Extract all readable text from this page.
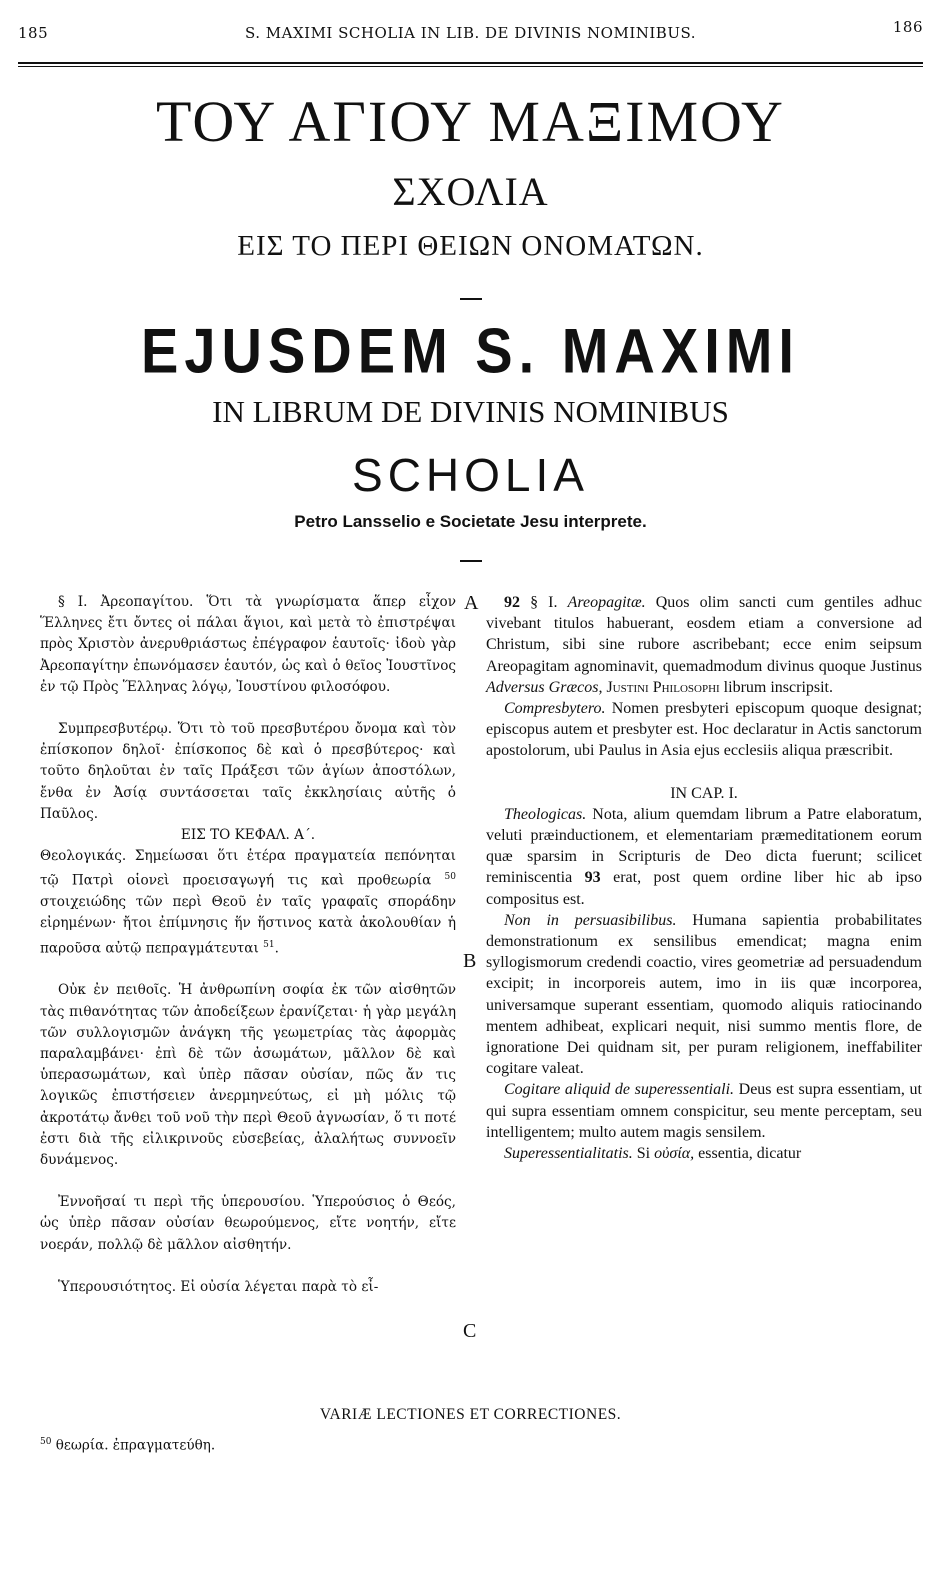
185	S. MAXIMI SCHOLIA IN LIB. DE DIVINIS NOMINIBUS.	186
ΤΟΥ ΑΓΙΟΥ ΜΑΞΙΜΟΥ
ΣΧΟΛΙΑ
ΕΙΣ ΤΟ ΠΕΡΙ ΘΕΙΩΝ ΟΝΟΜΑΤΩΝ.
EJUSDEM S. MAXIMI
IN LIBRUM DE DIVINIS NOMINIBUS
SCHOLIA
Petro Lansselio e Societate Jesu interprete.
A
B
C

§ I. Ἀρεοπαγίτου. Ὅτι τὰ γνωρίσματα ἅπερ εἶχον Ἕλληνες ἔτι ὄντες οἱ πάλαι ἅγιοι, καὶ μετὰ τὸ ἐπιστρέψαι πρὸς Χριστὸν ἀνερυθριάστως ἐπέγραφον ἑαυτοῖς· ἰδοὺ γὰρ Ἀρεοπαγίτην ἐπωνόμασεν ἑαυτόν, ὡς καὶ ὁ θεῖος Ἰουστῖνος ἐν τῷ Πρὸς Ἕλληνας λόγῳ, Ἰουστίνου φιλοσόφου.

Συμπρεσβυτέρῳ. Ὅτι τὸ τοῦ πρεσβυτέρου ὄνομα καὶ τὸν ἐπίσκοπον δηλοῖ· ἐπίσκοπος δὲ καὶ ὁ πρεσβύτερος· καὶ τοῦτο δηλοῦται ἐν ταῖς Πράξεσι τῶν ἁγίων ἀποστόλων, ἔνθα ἐν Ἀσίᾳ συντάσσεται ταῖς ἐκκλησίαις αὐτῆς ὁ Παῦλος.

ΕΙΣ ΤΟ ΚΕΦΑΛ. Α΄.

Θεολογικάς. Σημείωσαι ὅτι ἑτέρα πραγματεία πεπόνηται τῷ Πατρὶ οἱονεὶ προεισαγωγή τις καὶ προθεωρία $^{50}$ στοιχειώδης τῶν περὶ Θεοῦ ἐν ταῖς γραφαῖς σποράδην εἰρημένων· ἤτοι ἐπίμνησις ἥν ἥστινος κατὰ ἀκολουθίαν ἡ παροῦσα αὐτῷ πεπραγμάτευται $^{51}$.

Οὐκ ἐν πειθοῖς. Ἡ ἀνθρωπίνη σοφία ἐκ τῶν αἰσθητῶν τὰς πιθανότητας τῶν ἀποδείξεων ἐρανίζεται· ἡ γὰρ μεγάλη τῶν συλλογισμῶν ἀνάγκη τῆς γεωμετρίας τὰς ἀφορμὰς παραλαμβάνει· ἐπὶ δὲ τῶν ἀσωμάτων, μᾶλλον δὲ καὶ ὑπερασωμάτων, καὶ ὑπὲρ πᾶσαν οὐσίαν, πῶς ἄν τις λογικῶς ἐπιστήσειεν ἀνερμηνεύτως, εἰ μὴ μόλις τῷ ἀκροτάτῳ ἄνθει τοῦ νοῦ τὴν περὶ Θεοῦ ἀγνωσίαν, ὅ τι ποτέ ἐστι διὰ τῆς εἰλικρινοῦς εὐσεβείας, ἀλαλήτως συννοεῖν δυνάμενος.

Ἐννοῆσαί τι περὶ τῆς ὑπερουσίου. Ὑπερούσιος ὁ Θεός, ὡς ὑπὲρ πᾶσαν οὐσίαν θεωρούμενος, εἴτε νοητήν, εἴτε νοεράν, πολλῷ δὲ μᾶλλον αἰσθητήν.

Ὑπερουσιότητος. Εἰ οὐσία λέγεται παρὰ τὸ εἶ-

92 § I. Areopagitæ. Quos olim sancti cum gentiles adhuc vivebant titulos habuerant, eosdem etiam a conversione ad Christum, sibi sine rubore ascribebant; ecce enim seipsum Areopagitam agnominavit, quemadmodum divinus quoque Justinus Adversus Græcos, Justini Philosophi librum inscripsit.

Compresbytero. Nomen presbyteri episcopum quoque designat; episcopus autem et presbyter est. Hoc declaratur in Actis sanctorum apostolorum, ubi Paulus in Asia ejus ecclesiis aliqua præscribit.

IN CAP. I.

Theologicas. Nota, alium quemdam librum a Patre elaboratum, veluti præinductionem, et elementariam præmeditationem eorum quæ sparsim in Scripturis de Deo dicta fuerunt; scilicet reminiscentia 93 erat, post quem ordine liber hic ab ipso compositus est.

Non in persuasibilibus. Humana sapientia probabilitates demonstrationum ex sensilibus emendicat; magna enim syllogismorum credendi coactio, vires geometriæ ad persuadendum excipit; in incorporeis autem, imo in iis quæ incorporea, universamque superant essentiam, quomodo aliquis ratiocinando mentem adhibeat, explicari nequit, nisi summo mentis flore, de ignoratione Dei quidnam sit, per puram religionem, ineffabiliter cogitare valeat.

Cogitare aliquid de superessentiali. Deus est supra essentiam, ut qui supra essentiam omnem conspicitur, seu mente perceptam, seu intelligentem; multo autem magis sensilem.

Superessentialitatis. Si οὐσία, essentia, dicatur

VARIÆ LECTIONES ET CORRECTIONES.
$^{50}$ θεωρία. ἐπραγματεύθη.
